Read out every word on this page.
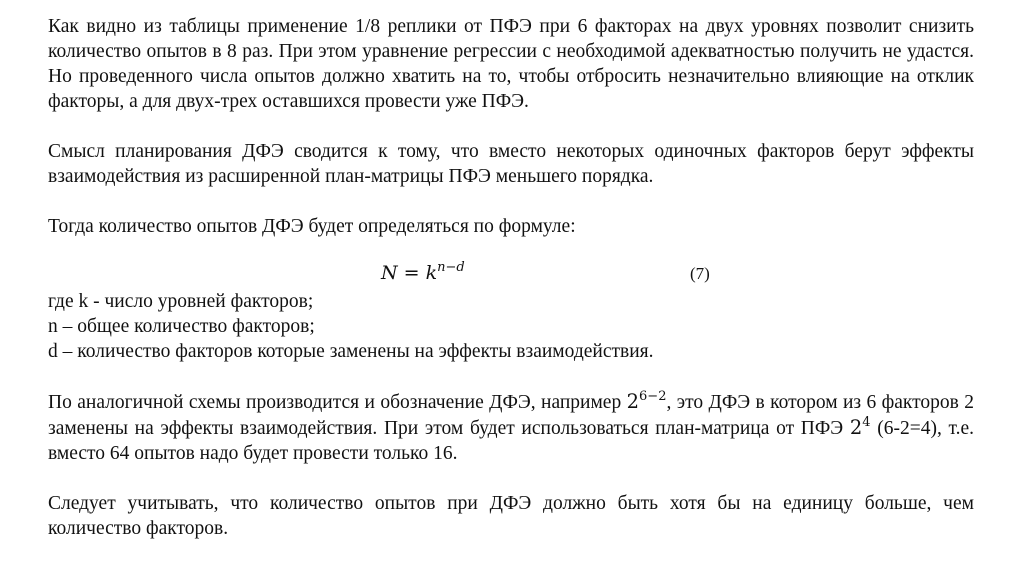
Как видно из таблицы применение 1/8 реплики от ПФЭ при 6 факторах на двух уровнях позволит снизить количество опытов в 8 раз. При этом уравнение регрессии с необходимой адекватностью получить не удастся. Но проведенного числа опытов должно хватить на то, чтобы отбросить незначительно влияющие на отклик факторы, а для двух-трех оставшихся провести уже ПФЭ.

Смысл планирования ДФЭ сводится к тому, что вместо некоторых одиночных факторов берут эффекты взаимодействия из расширенной план-матрицы ПФЭ меньшего порядка.

Тогда количество опытов ДФЭ будет определяться по формуле:
$N = k^{n-d}$	(7)
где k - число уровней факторов;
n – общее количество факторов;
d – количество факторов которые заменены на эффекты взаимодействия.

По аналогичной схемы производится и обозначение ДФЭ, например $2^{6-2}$, это ДФЭ в котором из 6 факторов 2 заменены на эффекты взаимодействия. При этом будет использоваться план-матрица от ПФЭ $2^4$ (6-2=4), т.е. вместо 64 опытов надо будет провести только 16.

Следует учитывать, что количество опытов при ДФЭ должно быть хотя бы на единицу больше, чем количество факторов.
